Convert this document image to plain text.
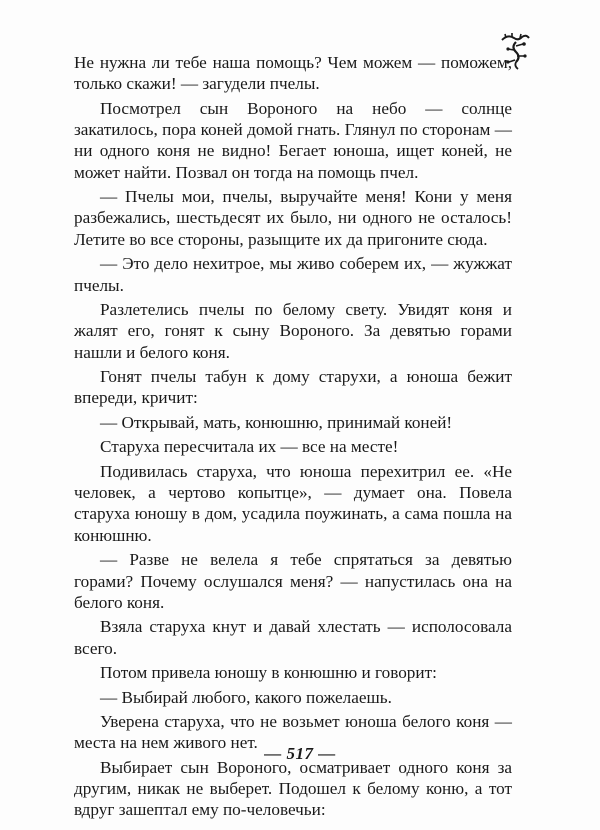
Не нужна ли тебе наша помощь? Чем можем — поможем, только скажи! — загудели пчелы.

Посмотрел сын Вороного на небо — солнце закатилось, пора коней домой гнать. Глянул по сторонам — ни одного коня не видно! Бегает юноша, ищет коней, не может найти. Позвал он тогда на помощь пчел.

— Пчелы мои, пчелы, выручайте меня! Кони у меня разбежались, шестьдесят их было, ни одного не осталось! Летите во все стороны, разыщите их да пригоните сюда.

— Это дело нехитрое, мы живо соберем их, — жужжат пчелы.

Разлетелись пчелы по белому свету. Увидят коня и жалят его, гонят к сыну Вороного. За девятью горами нашли и белого коня.

Гонят пчелы табун к дому старухи, а юноша бежит впереди, кричит:

— Открывай, мать, конюшню, принимай коней!

Старуха пересчитала их — все на месте!

Подивилась старуха, что юноша перехитрил ее. «Не человек, а чертово копытце», — думает она. Повела старуха юношу в дом, усадила поужинать, а сама пошла на конюшню.

— Разве не велела я тебе спрятаться за девятью горами? Почему ослушался меня? — напустилась она на белого коня.

Взяла старуха кнут и давай хлестать — исполосовала всего.

Потом привела юношу в конюшню и говорит:

— Выбирай любого, какого пожелаешь.

Уверена старуха, что не возьмет юноша белого коня — места на нем живого нет.

Выбирает сын Вороного, осматривает одного коня за другим, никак не выберет. Подошел к белому коню, а тот вдруг зашептал ему по-человечьи:

— 517 —
